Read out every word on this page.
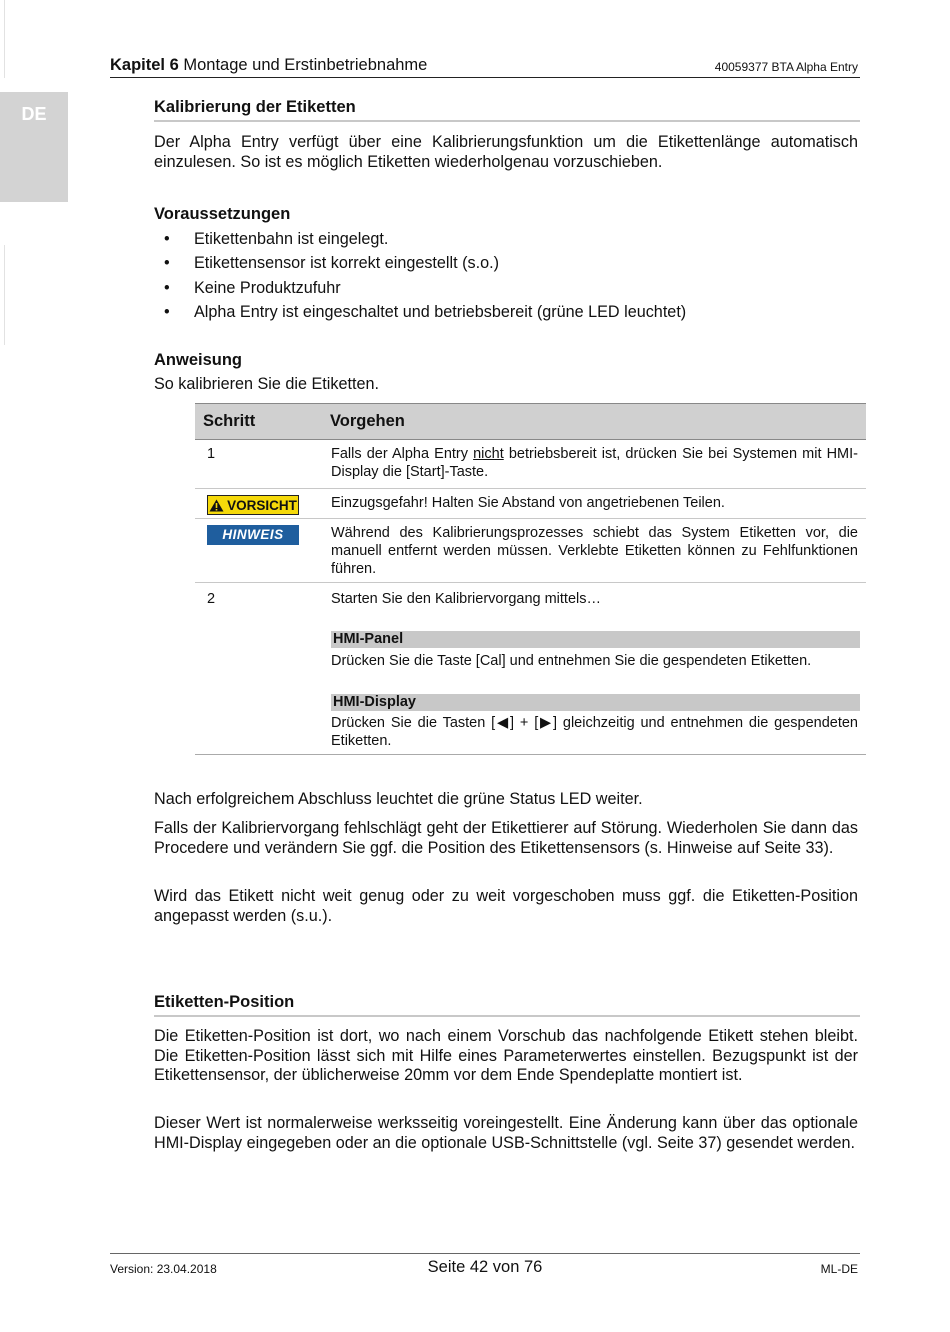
DE
Kapitel 6 Montage und Erstinbetriebnahme	40059377 BTA Alpha Entry
Kalibrierung der Etiketten
Der Alpha Entry verfügt über eine Kalibrierungsfunktion um die Etikettenlänge automatisch einzulesen. So ist es möglich Etiketten wiederholgenau vorzuschieben.
Voraussetzungen
• Etikettenbahn ist eingelegt.
• Etikettensensor ist korrekt eingestellt (s.o.)
• Keine Produktzufuhr
• Alpha Entry ist eingeschaltet und betriebsbereit (grüne LED leuchtet)
Anweisung
So kalibrieren Sie die Etiketten.
Schritt	Vorgehen
1	Falls der Alpha Entry nicht betriebsbereit ist, drücken Sie bei Systemen mit HMI-Display die [Start]-Taste.
VORSICHT Einzugsgefahr! Halten Sie Abstand von angetriebenen Teilen.
HINWEIS	Während des Kalibrierungsprozesses schiebt das System Etiketten vor, die manuell entfernt werden müssen. Verklebte Etiketten können zu Fehlfunktionen führen.
2	Starten Sie den Kalibriervorgang mittels…
HMI-Panel
Drücken Sie die Taste [Cal] und entnehmen Sie die gespendeten Etiketten.
HMI-Display
Drücken Sie die Tasten [◀] + [▶] gleichzeitig und entnehmen die gespendeten Etiketten.
Nach erfolgreichem Abschluss leuchtet die grüne Status LED weiter.
Falls der Kalibriervorgang fehlschlägt geht der Etikettierer auf Störung. Wiederholen Sie dann das Procedere und verändern Sie ggf. die Position des Etikettensensors (s. Hinweise auf Seite 33).
Wird das Etikett nicht weit genug oder zu weit vorgeschoben muss ggf. die Etiketten-Position angepasst werden (s.u.).
Etiketten-Position
Die Etiketten-Position ist dort, wo nach einem Vorschub das nachfolgende Etikett stehen bleibt. Die Etiketten-Position lässt sich mit Hilfe eines Parameterwertes einstellen. Bezugspunkt ist der Etikettensensor, der üblicherweise 20mm vor dem Ende Spendeplatte montiert ist.
Dieser Wert ist normalerweise werksseitig voreingestellt. Eine Änderung kann über das optionale HMI-Display eingegeben oder an die optionale USB-Schnittstelle (vgl. Seite 37) gesendet werden.
Version: 23.04.2018	Seite 42 von 76	ML-DE
